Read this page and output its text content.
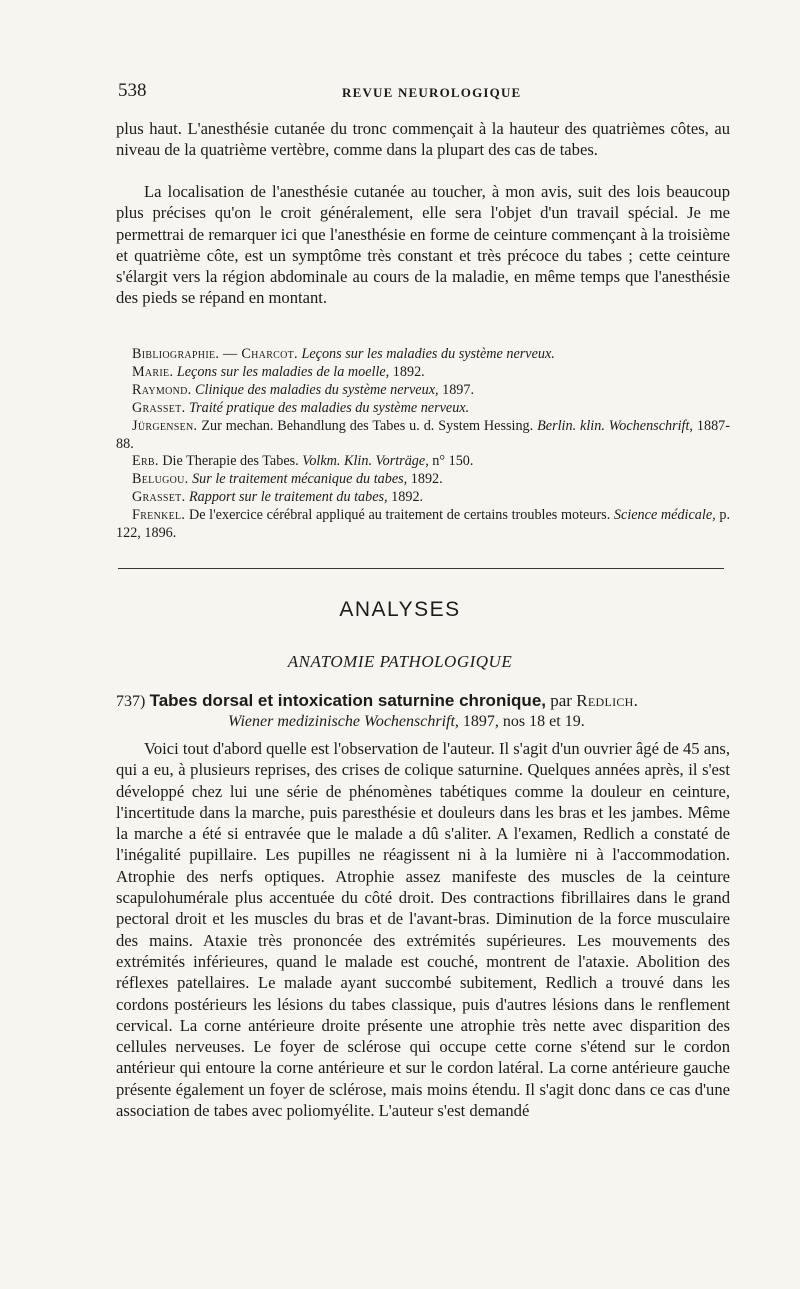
538	REVUE NEUROLOGIQUE

plus haut. L'anesthésie cutanée du tronc commençait à la hauteur des quatrièmes côtes, au niveau de la quatrième vertèbre, comme dans la plupart des cas de tabes.

La localisation de l'anesthésie cutanée au toucher, à mon avis, suit des lois beaucoup plus précises qu'on le croit généralement, elle sera l'objet d'un travail spécial. Je me permettrai de remarquer ici que l'anesthésie en forme de ceinture commençant à la troisième et quatrième côte, est un symptôme très constant et très précoce du tabes ; cette ceinture s'élargit vers la région abdominale au cours de la maladie, en même temps que l'anesthésie des pieds se répand en montant.

Bibliographie. — Charcot. Leçons sur les maladies du système nerveux.

Marie. Leçons sur les maladies de la moelle, 1892.

Raymond. Clinique des maladies du système nerveux, 1897.

Grasset. Traité pratique des maladies du système nerveux.

Jürgensen. Zur mechan. Behandlung des Tabes u. d. System Hessing. Berlin. klin. Wochenschrift, 1887-88.

Erb. Die Therapie des Tabes. Volkm. Klin. Vorträge, n° 150.

Belugou. Sur le traitement mécanique du tabes, 1892.

Grasset. Rapport sur le traitement du tabes, 1892.

Frenkel. De l'exercice cérébral appliqué au traitement de certains troubles moteurs. Science médicale, p. 122, 1896.

ANALYSES
ANATOMIE PATHOLOGIQUE

737) Tabes dorsal et intoxication saturnine chronique, par Redlich.

Wiener medizinische Wochenschrift, 1897, nos 18 et 19.

Voici tout d'abord quelle est l'observation de l'auteur. Il s'agit d'un ouvrier âgé de 45 ans, qui a eu, à plusieurs reprises, des crises de colique saturnine. Quelques années après, il s'est développé chez lui une série de phénomènes tabétiques comme la douleur en ceinture, l'incertitude dans la marche, puis paresthésie et douleurs dans les bras et les jambes. Même la marche a été si entravée que le malade a dû s'aliter. A l'examen, Redlich a constaté de l'inégalité pupillaire. Les pupilles ne réagissent ni à la lumière ni à l'accommodation. Atrophie des nerfs optiques. Atrophie assez manifeste des muscles de la ceinture scapulohumérale plus accentuée du côté droit. Des contractions fibrillaires dans le grand pectoral droit et les muscles du bras et de l'avant-bras. Diminution de la force musculaire des mains. Ataxie très prononcée des extrémités supérieures. Les mouvements des extrémités inférieures, quand le malade est couché, montrent de l'ataxie. Abolition des réflexes patellaires. Le malade ayant succombé subitement, Redlich a trouvé dans les cordons postérieurs les lésions du tabes classique, puis d'autres lésions dans le renflement cervical. La corne antérieure droite présente une atrophie très nette avec disparition des cellules nerveuses. Le foyer de sclérose qui occupe cette corne s'étend sur le cordon antérieur qui entoure la corne antérieure et sur le cordon latéral. La corne antérieure gauche présente également un foyer de sclérose, mais moins étendu. Il s'agit donc dans ce cas d'une association de tabes avec poliomyélite. L'auteur s'est demandé
